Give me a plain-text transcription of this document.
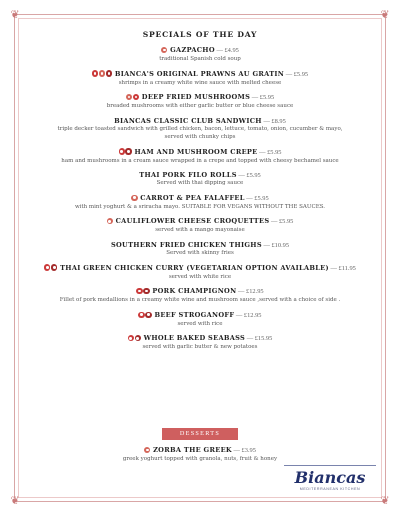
❦	❦
❦	❦
SPECIALS OF THE DAY
GAZPACHO — £4.95
traditional Spanish cold soup
BIANCA'S ORIGINAL PRAWNS AU GRATIN — £5.95
shrimps in a creamy white wine sauce with melted cheese
DEEP FRIED MUSHROOMS — £5.95
breaded mushrooms with either garlic butter or blue cheese sauce
BIANCAS CLASSIC CLUB SANDWICH — £8.95
triple decker toasted sandwich with grilled chicken, bacon, lettuce, tomato, onion, cucumber & mayo,
served with chunky chips
HAM AND MUSHROOM CREPE — £5.95
ham and mushrooms in a cream sauce wrapped in a crepe and topped with cheesy bechamel sauce
THAI PORK FILO ROLLS — £5.95
Served with thai dipping sauce
CARROT & PEA FALAFFEL — £5.95
with mint yoghurt & a sriracha mayo. SUITABLE FOR VEGANS WITHOUT THE SAUCES.
CAULIFLOWER CHEESE CROQUETTES — £5.95
served with a mango mayonaise
SOUTHERN FRIED CHICKEN THIGHS — £10.95
Served with skinny fries
THAI GREEN CHICKEN CURRY (VEGETARIAN OPTION AVAILABLE) — £11.95
served with white rice
PORK CHAMPIGNON — £12.95
Fillet of pork medallions in a creamy white wine and mushroom sauce ,served with a choice of side .
BEEF STROGANOFF — £12.95
served with rice
WHOLE BAKED SEABASS — £15.95
served with garlic butter & new potatoes
DESSERTS
ZORBA THE GREEK — £3.95
greek yoghurt topped with granola, nuts, fruit & honey
Biancas
MEDITERRANEAN KITCHEN
